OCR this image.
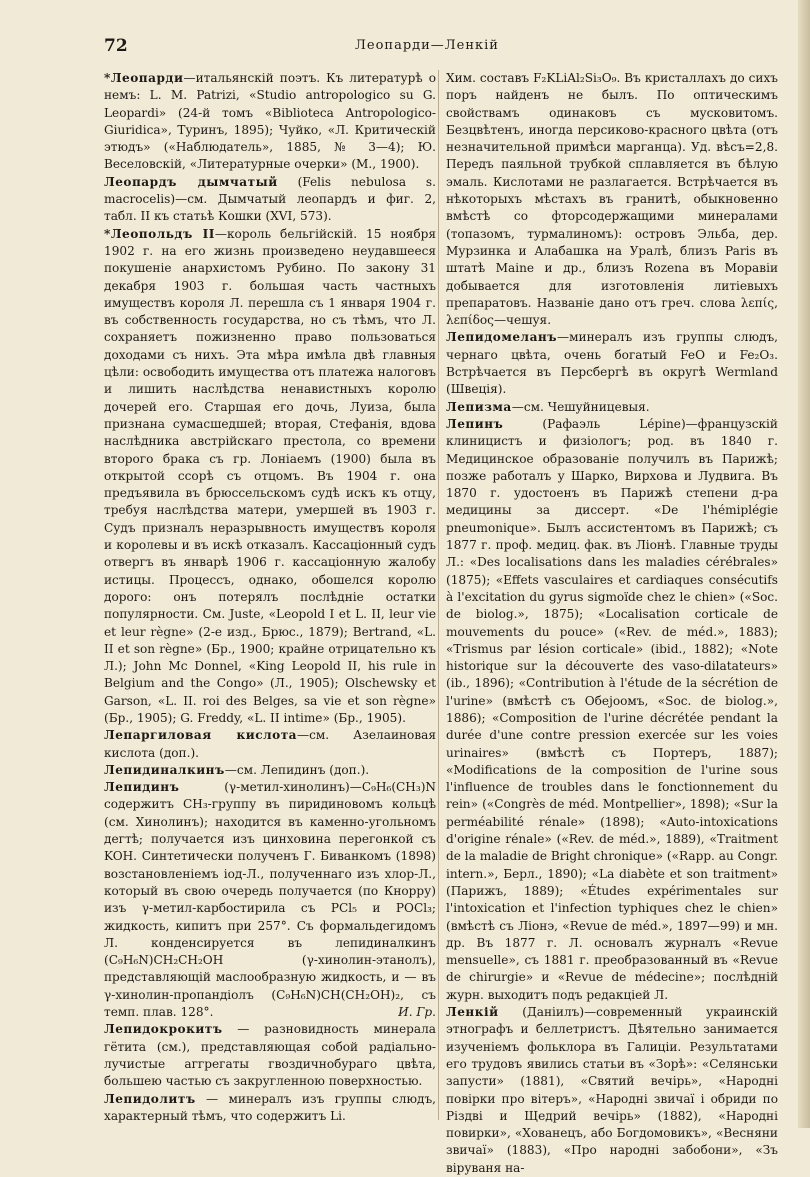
72	Леопарди—Ленкій

*Леопарди—итальянскій поэтъ. Къ литературѣ о немъ: L. M. Patrizi, «Studio antropologico su G. Leopardi» (24-й томъ «Biblioteca Antropologico-Giuridica», Туринъ, 1895); Чуйко, «Л. Критическій этюдъ» («Наблюдатель», 1885, № 3—4); Ю. Веселовскій, «Литературные очерки» (М., 1900).

Леопардъ дымчатый (Felis nebulosa s. macrocelis)—см. Дымчатый леопардъ и фиг. 2, табл. II къ статьѣ Кошки (XVI, 573).

*Леопольдъ II—король бельгійскій. 15 ноября 1902 г. на его жизнь произведено неудавшееся покушеніе анархистомъ Рубино. По закону 31 декабря 1903 г. большая часть частныхъ имуществъ короля Л. перешла съ 1 января 1904 г. въ собственность государства, но съ тѣмъ, что Л. сохраняетъ пожизненно право пользоваться доходами съ нихъ. Эта мѣра имѣла двѣ главныя цѣли: освободить имущества отъ платежа налоговъ и лишить наслѣдства ненавистныхъ королю дочерей его. Старшая его дочь, Луиза, была признана сумасшедшей; вторая, Стефанія, вдова наслѣдника австрійскаго престола, со времени второго брака съ гр. Лоніаемъ (1900) была въ открытой ссорѣ съ отцомъ. Въ 1904 г. она предъявила въ брюссельскомъ судѣ искъ къ отцу, требуя наслѣдства матери, умершей въ 1903 г. Судъ призналъ неразрывность имуществъ короля и королевы и въ искѣ отказалъ. Кассаціонный судъ отвергъ въ январѣ 1906 г. кассаціонную жалобу истицы. Процессъ, однако, обошелся королю дорого: онъ потерялъ послѣдніе остатки популярности. См. Juste, «Leopold I et L. II, leur vie et leur règne» (2-е изд., Брюс., 1879); Bertrand, «L. II et son règne» (Бр., 1900; крайне отрицательно къ Л.); John Mc Donnel, «King Leopold II, his rule in Belgium and the Congo» (Л., 1905); Olschewsky et Garson, «L. II. roi des Belges, sa vie et son règne» (Бр., 1905); G. Freddy, «L. II intime» (Бр., 1905).

Лепаргиловая кислота—см. Азелаиновая кислота (доп.).

Лепидиналкинъ—см. Лепидинъ (доп.).

Лепидинъ (γ-метил-хинолинъ)—C₉H₆(CH₃)N содержитъ CH₃-группу въ пиридиновомъ кольцѣ (см. Хинолинъ); находится въ каменно-угольномъ дегтѣ; получается изъ цинховина перегонкой съ KOH. Синтетически полученъ Г. Бивaнкомъ (1898) возстановленіемъ іод-Л., полученнаго изъ хлор-Л., который въ свою очередь получается (по Кнорру) изъ γ-метил-карбостирила съ PCl₅ и POCl₃; жидкость, кипитъ при 257°. Съ формальдегидомъ Л. конденсируется въ лепидиналкинъ (C₉H₆N)CH₂CH₂OH (γ-хинолин-этанолъ), представляющій маслообразную жидкость, и — въ γ-хинолин-пропандіолъ (C₉H₆N)CH(CH₂OH)₂, съ темп. плав. 128°.	И. Гр.

Лепидокрокитъ — разновидность минерала гётита (см.), представляющая собой радіально-лучистые аггрегаты гвоздичнобураго цвѣта, большею частью съ закругленною поверхностью.

Лепидолитъ — минералъ изъ группы слюдъ, характерный тѣмъ, что содержитъ Li.

Хим. составъ F₂KLiAl₂Si₃O₉. Въ кристаллахъ до сихъ поръ найденъ не былъ. По оптическимъ свойствамъ одинаковъ съ мусковитомъ. Безцвѣтенъ, иногда персиково-красного цвѣта (отъ незначительной примѣси марганца). Уд. вѣсъ=2,8. Передъ паяльной трубкой сплавляется въ бѣлую эмаль. Кислотами не разлагается. Встрѣчается въ нѣкоторыхъ мѣстахъ въ гранитѣ, обыкновенно вмѣстѣ со фторсодержащими минералами (топазомъ, турмалиномъ): островъ Эльба, дер. Мурзинка и Алабашка на Уралѣ, близъ Paris въ штатѣ Maine и др., близъ Rozena въ Моравіи добывается для изготовленія литіевыхъ препаратовъ. Названіе дано отъ греч. слова λεπίς, λεπίδος—чешуя.

Лепидомеланъ—минералъ изъ группы слюдъ, чернаго цвѣта, очень богатый FeO и Fe₂O₃. Встрѣчается въ Персбергѣ въ округѣ Wermland (Швеція).

Лепизма—см. Чешуйницевыя.

Лепинъ (Рафаэль Lépine)—французскій клиницистъ и физіологъ; род. въ 1840 г. Медицинское образованіе получилъ въ Парижѣ; позже работалъ у Шарко, Вирхова и Лудвига. Въ 1870 г. удостоенъ въ Парижѣ степени д-ра медицины за диссерт. «De l'hémiplégie pneumonique». Былъ ассистентомъ въ Парижѣ; съ 1877 г. проф. медиц. фак. въ Ліонѣ. Главные труды Л.: «Des localisations dans les maladies cérébrales» (1875); «Effets vasculaires et cardiaques consécutifs à l'excitation du gyrus sigmoïde chez le chien» («Soc. de biolog.», 1875); «Localisation corticale de mouvements du pouce» («Rev. de méd.», 1883); «Trismus par lésion corticale» (ibid., 1882); «Note historique sur la découverte des vaso-dilatateurs» (ib., 1896); «Contribution à l'étude de la sécrétion de l'urine» (вмѣстѣ съ Обеjоомъ, «Soc. de biolog.», 1886); «Composition de l'urine décrétée pendant la durée d'une contre pression exercée sur les voies urinaires» (вмѣстѣ съ Портеръ, 1887); «Modifications de la composition de l'urine sous l'influence de troubles dans le fonctionnement du rein» («Congrès de méd. Montpellier», 1898); «Sur la perméabilité rénale» (1898); «Auto-intoxications d'origine rénale» («Rev. de méd.», 1889), «Traitment de la maladie de Bright chronique» («Rapp. au Congr. intern.», Берл., 1890); «La diabète et son traitment» (Парижъ, 1889); «Études expérimentales sur l'intoxication et l'infection typhiques chez le chien» (вмѣстѣ съ Ліонэ, «Revue de méd.», 1897—99) и мн. др. Въ 1877 г. Л. основалъ журналъ «Revue mensuelle», съ 1881 г. преобразованный въ «Revue de chirurgie» и «Revue de médecine»; послѣдній журн. выходитъ подъ редакціей Л.

Ленкій (Даніилъ)—современный украинскій этнографъ и беллетристъ. Дѣятельно занимается изученіемъ фольклора въ Галиціи. Результатами его трудовъ явились статьи въ «Зорѣ»: «Селянськи запусти» (1881), «Святий вечірь», «Народні повірки про вітеръ», «Народні звичаї і обриди по Різдві и Щедрий вечірь» (1882), «Народні повирки», «Хованецъ, або Богдомовикъ», «Весняни звичаї» (1883), «Про народні забобони», «Зъ віруваня на-
